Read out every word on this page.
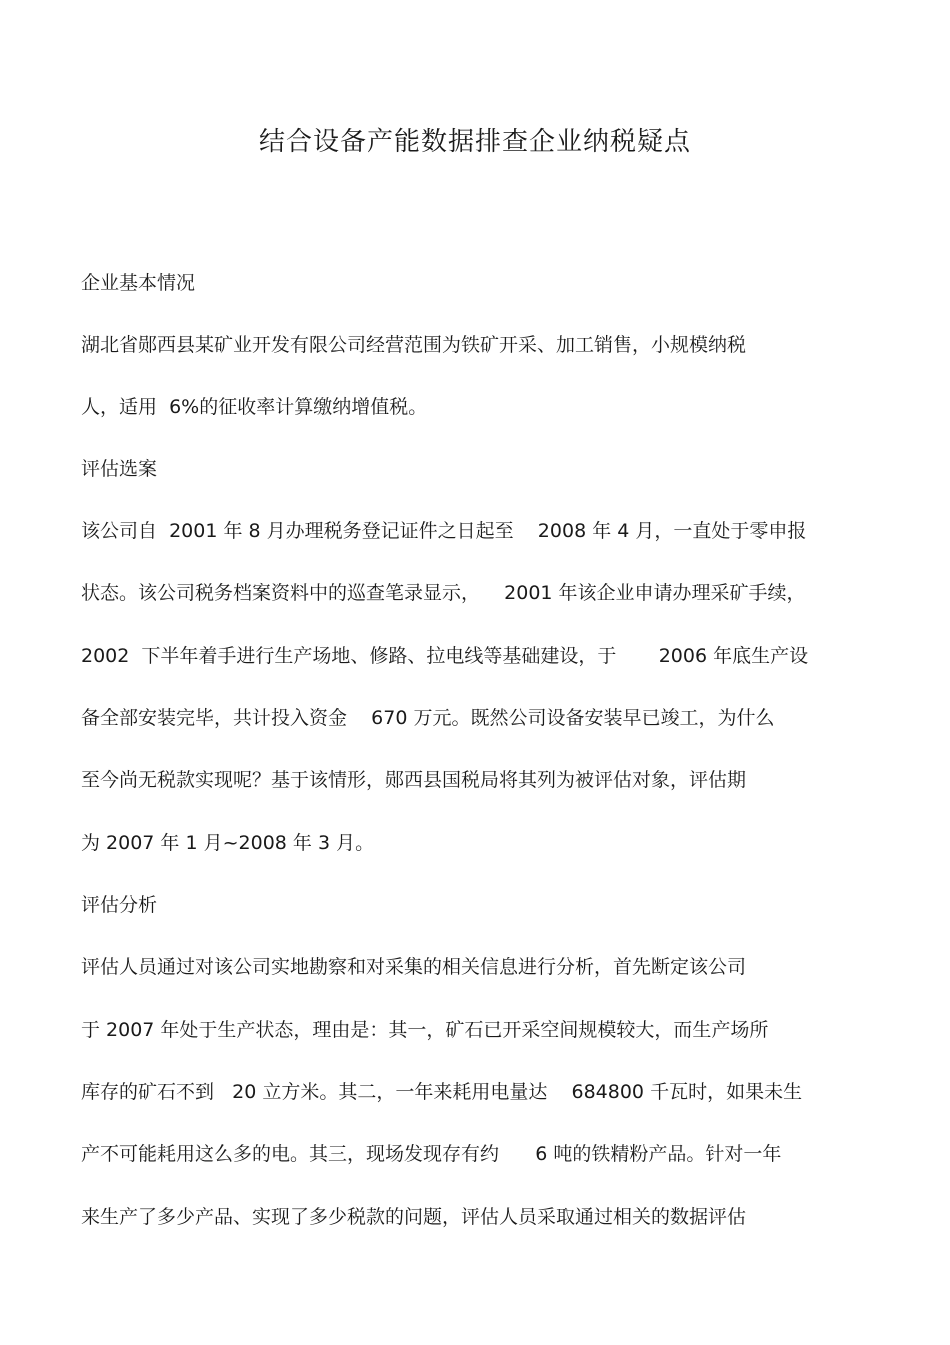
结合设备产能数据排查企业纳税疑点
企业基本情况
湖北省郧西县某矿业开发有限公司经营范围为铁矿开采、加工销售，小规模纳税
人，适用  6%的征收率计算缴纳增值税。
评估选案
该公司自  2001 年 8 月办理税务登记证件之日起至    2008 年 4 月，一直处于零申报
状态。该公司税务档案资料中的巡查笔录显示，    2001 年该企业申请办理采矿手续，
2002  下半年着手进行生产场地、修路、拉电线等基础建设，于       2006 年底生产设
备全部安装完毕，共计投入资金    670 万元。既然公司设备安装早已竣工，为什么
至今尚无税款实现呢？基于该情形，郧西县国税局将其列为被评估对象，评估期
为 2007 年 1 月~2008 年 3 月。
评估分析
评估人员通过对该公司实地勘察和对采集的相关信息进行分析，首先断定该公司
于 2007 年处于生产状态，理由是：其一，矿石已开采空间规模较大，而生产场所
库存的矿石不到   20 立方米。其二，一年来耗用电量达    684800 千瓦时，如果未生
产不可能耗用这么多的电。其三，现场发现存有约      6 吨的铁精粉产品。针对一年
来生产了多少产品、实现了多少税款的问题，评估人员采取通过相关的数据评估
